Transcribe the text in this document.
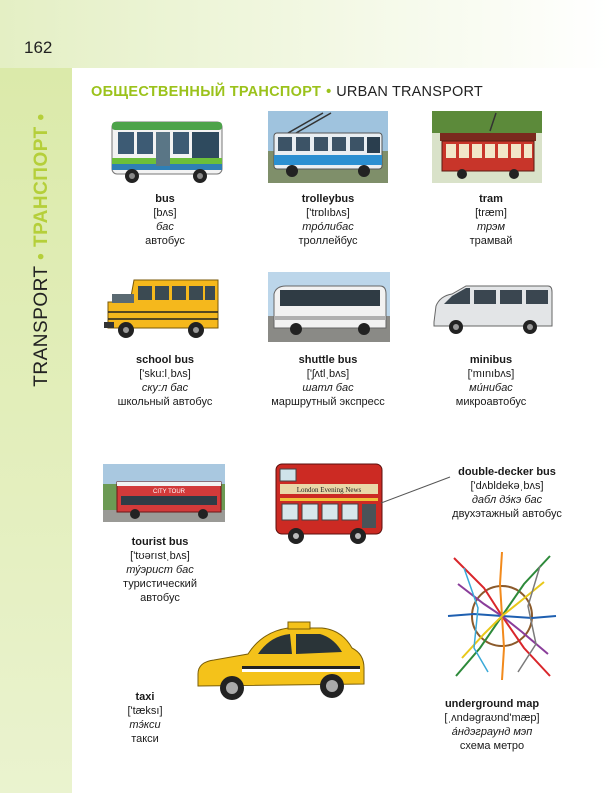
162
TRANSPORT • ТРАНСПОРТ •
ОБЩЕСТВЕННЫЙ ТРАНСПОРТ • URBAN TRANSPORT
CITY TOUR	London Evening News
bus
[bʌs]
бас
автобус
trolleybus
['trɒlıbʌs]
тро́либас
троллейбус
tram
[træm]
трэм
трамвай
school bus
['sku:lˌbʌs]
ску:л бас
школьный автобус
shuttle bus
['ʃʌtlˌbʌs]
шатл бас
маршрутный экспресс
minibus
['mınıbʌs]
ми́нибас
микроавтобус
double-decker bus
['dʌbldekəˌbʌs]
дабл дэ́кэ бас
двухэтажный автобус
tourist bus
['tʊərıstˌbʌs]
ту́эрист бас
туристический
автобус
taxi
['tæksı]
тэ́кси
такси
underground map
[ˌʌndəgraʊnd'mæp]
а́ндэграунд мэп
схема метро
